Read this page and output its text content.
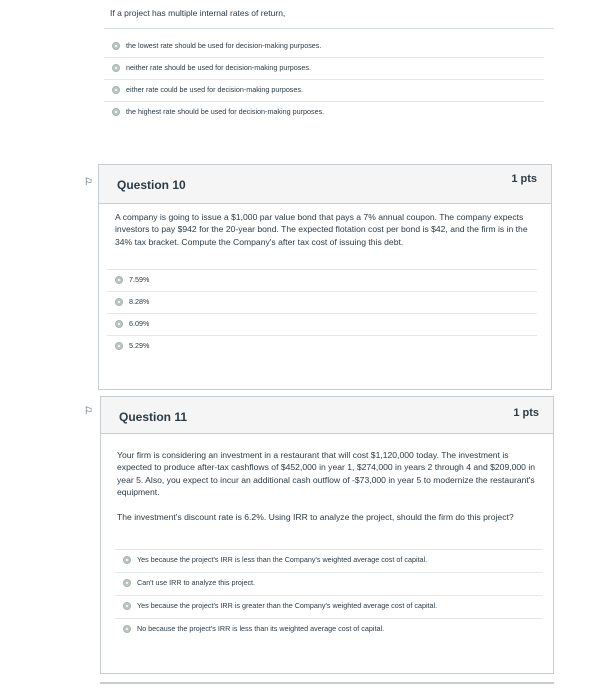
If a project has multiple internal rates of return,
the lowest rate should be used for decision-making purposes.
neither rate should be used for decision-making purposes.
either rate could be used for decision-making purposes.
the highest rate should be used for decision-making purposes.
⚐ Question 10	1 pts
A company is going to issue a $1,000 par value bond that pays a 7% annual coupon. The company expects investors to pay $942 for the 20-year bond. The expected flotation cost per bond is $42, and the firm is in the 34% tax bracket. Compute the Company's after tax cost of issuing this debt.
7.59%
8.28%
6.09%
5.29%
⚐ Question 11	1 pts
Your firm is considering an investment in a restaurant that will cost $1,120,000 today. The investment is expected to produce after-tax cashflows of $452,000 in year 1, $274,000 in years 2 through 4 and $209,000 in year 5. Also, you expect to incur an additional cash outflow of -$73,000 in year 5 to modernize the restaurant's equipment.
The investment's discount rate is 6.2%. Using IRR to analyze the project, should the firm do this project?
Yes because the project's IRR is less than the Company's weighted average cost of capital.
Can't use IRR to analyze this project.
Yes because the project's IRR is greater than the Company's weighted average cost of capital.
No because the project's IRR is less than its weighted average cost of capital.
